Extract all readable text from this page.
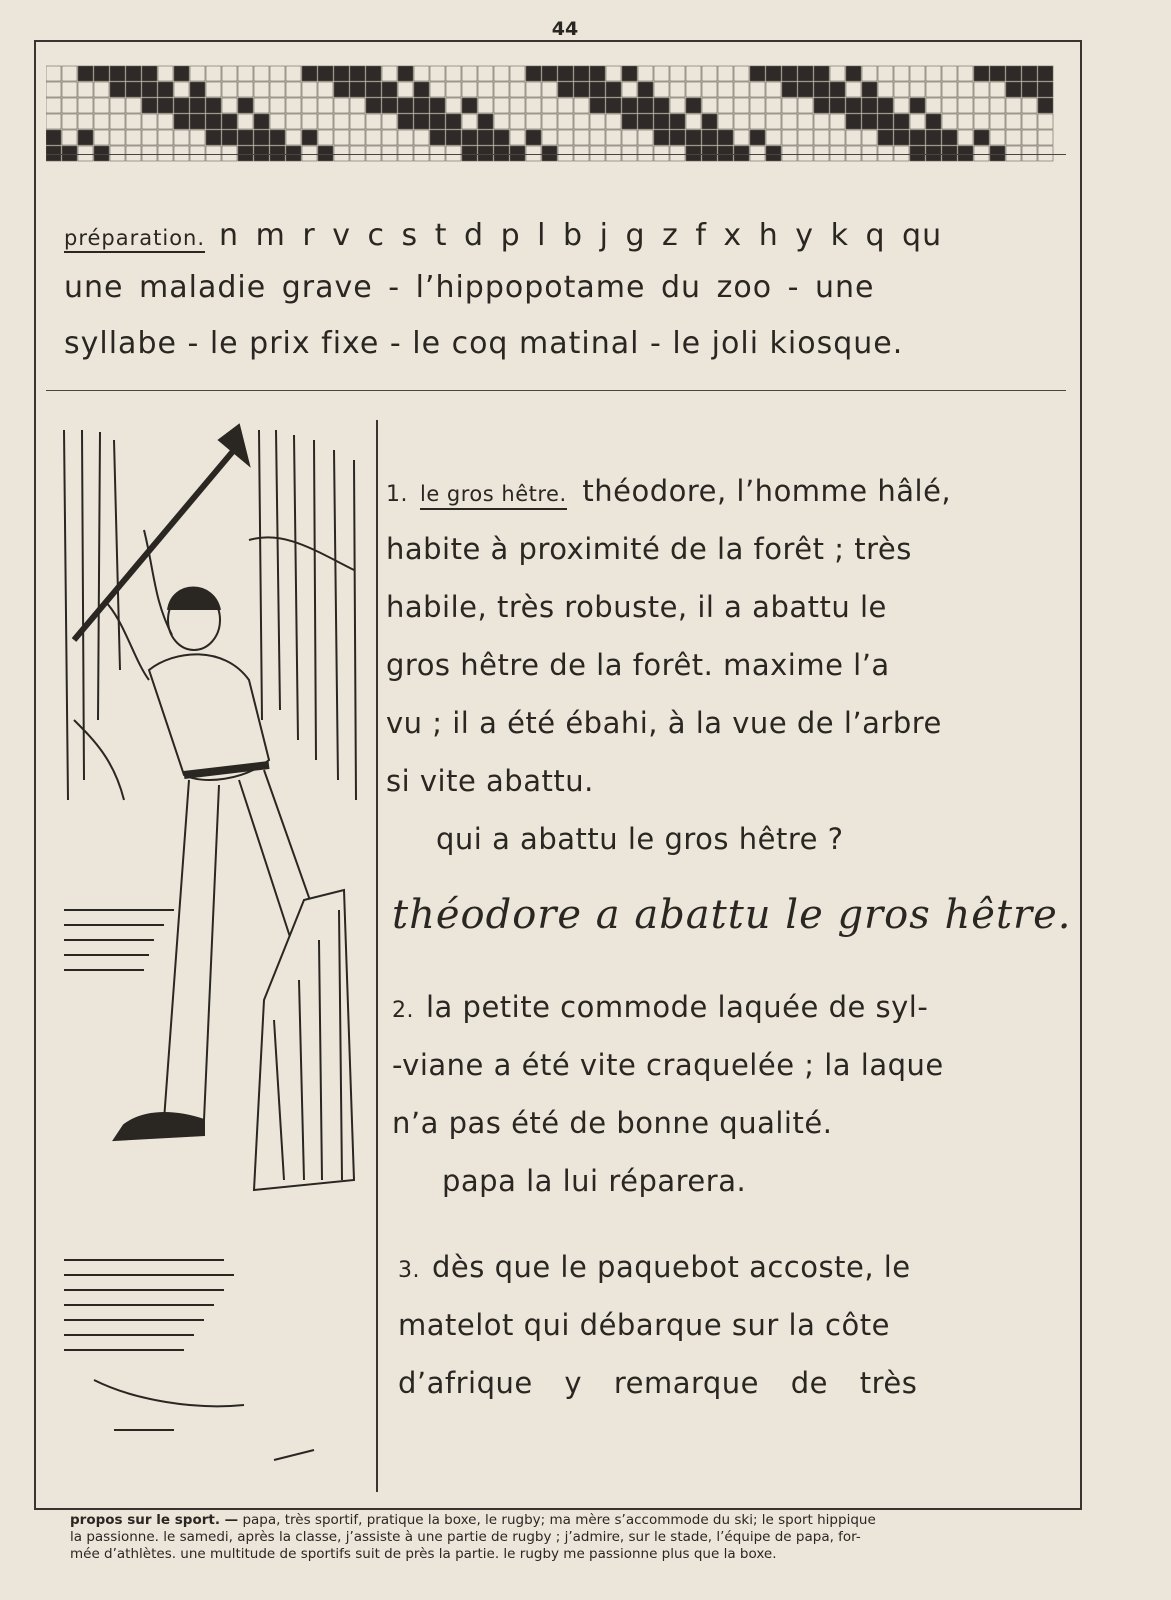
44
préparation. n m r v c s t d p l b j g z f x h y k q qu
une maladie grave - l’hippopotame du zoo - une
syllabe - le prix fixe - le coq matinal - le joli kiosque.
1. le gros hêtre. théodore, l’homme hâlé,
habite à proximité de la forêt ; très
habile, très robuste, il a abattu le
gros hêtre de la forêt. maxime l’a
vu ; il a été ébahi, à la vue de l’arbre
si vite abattu.
qui a abattu le gros hêtre ?
théodore a abattu le gros hêtre.
2. la petite commode laquée de syl-
-viane a été vite craquelée ; la laque
n’a pas été de bonne qualité.
papa la lui réparera.
3. dès que le paquebot accoste, le
matelot qui débarque sur la côte
d’afrique y remarque de très
propos sur le sport. — papa, très sportif, pratique la boxe, le rugby; ma mère s’accommode du ski; le sport hippique
la passionne. le samedi, après la classe, j’assiste à une partie de rugby ; j’admire, sur le stade, l’équipe de papa, for-
mée d’athlètes. une multitude de sportifs suit de près la partie. le rugby me passionne plus que la boxe.
